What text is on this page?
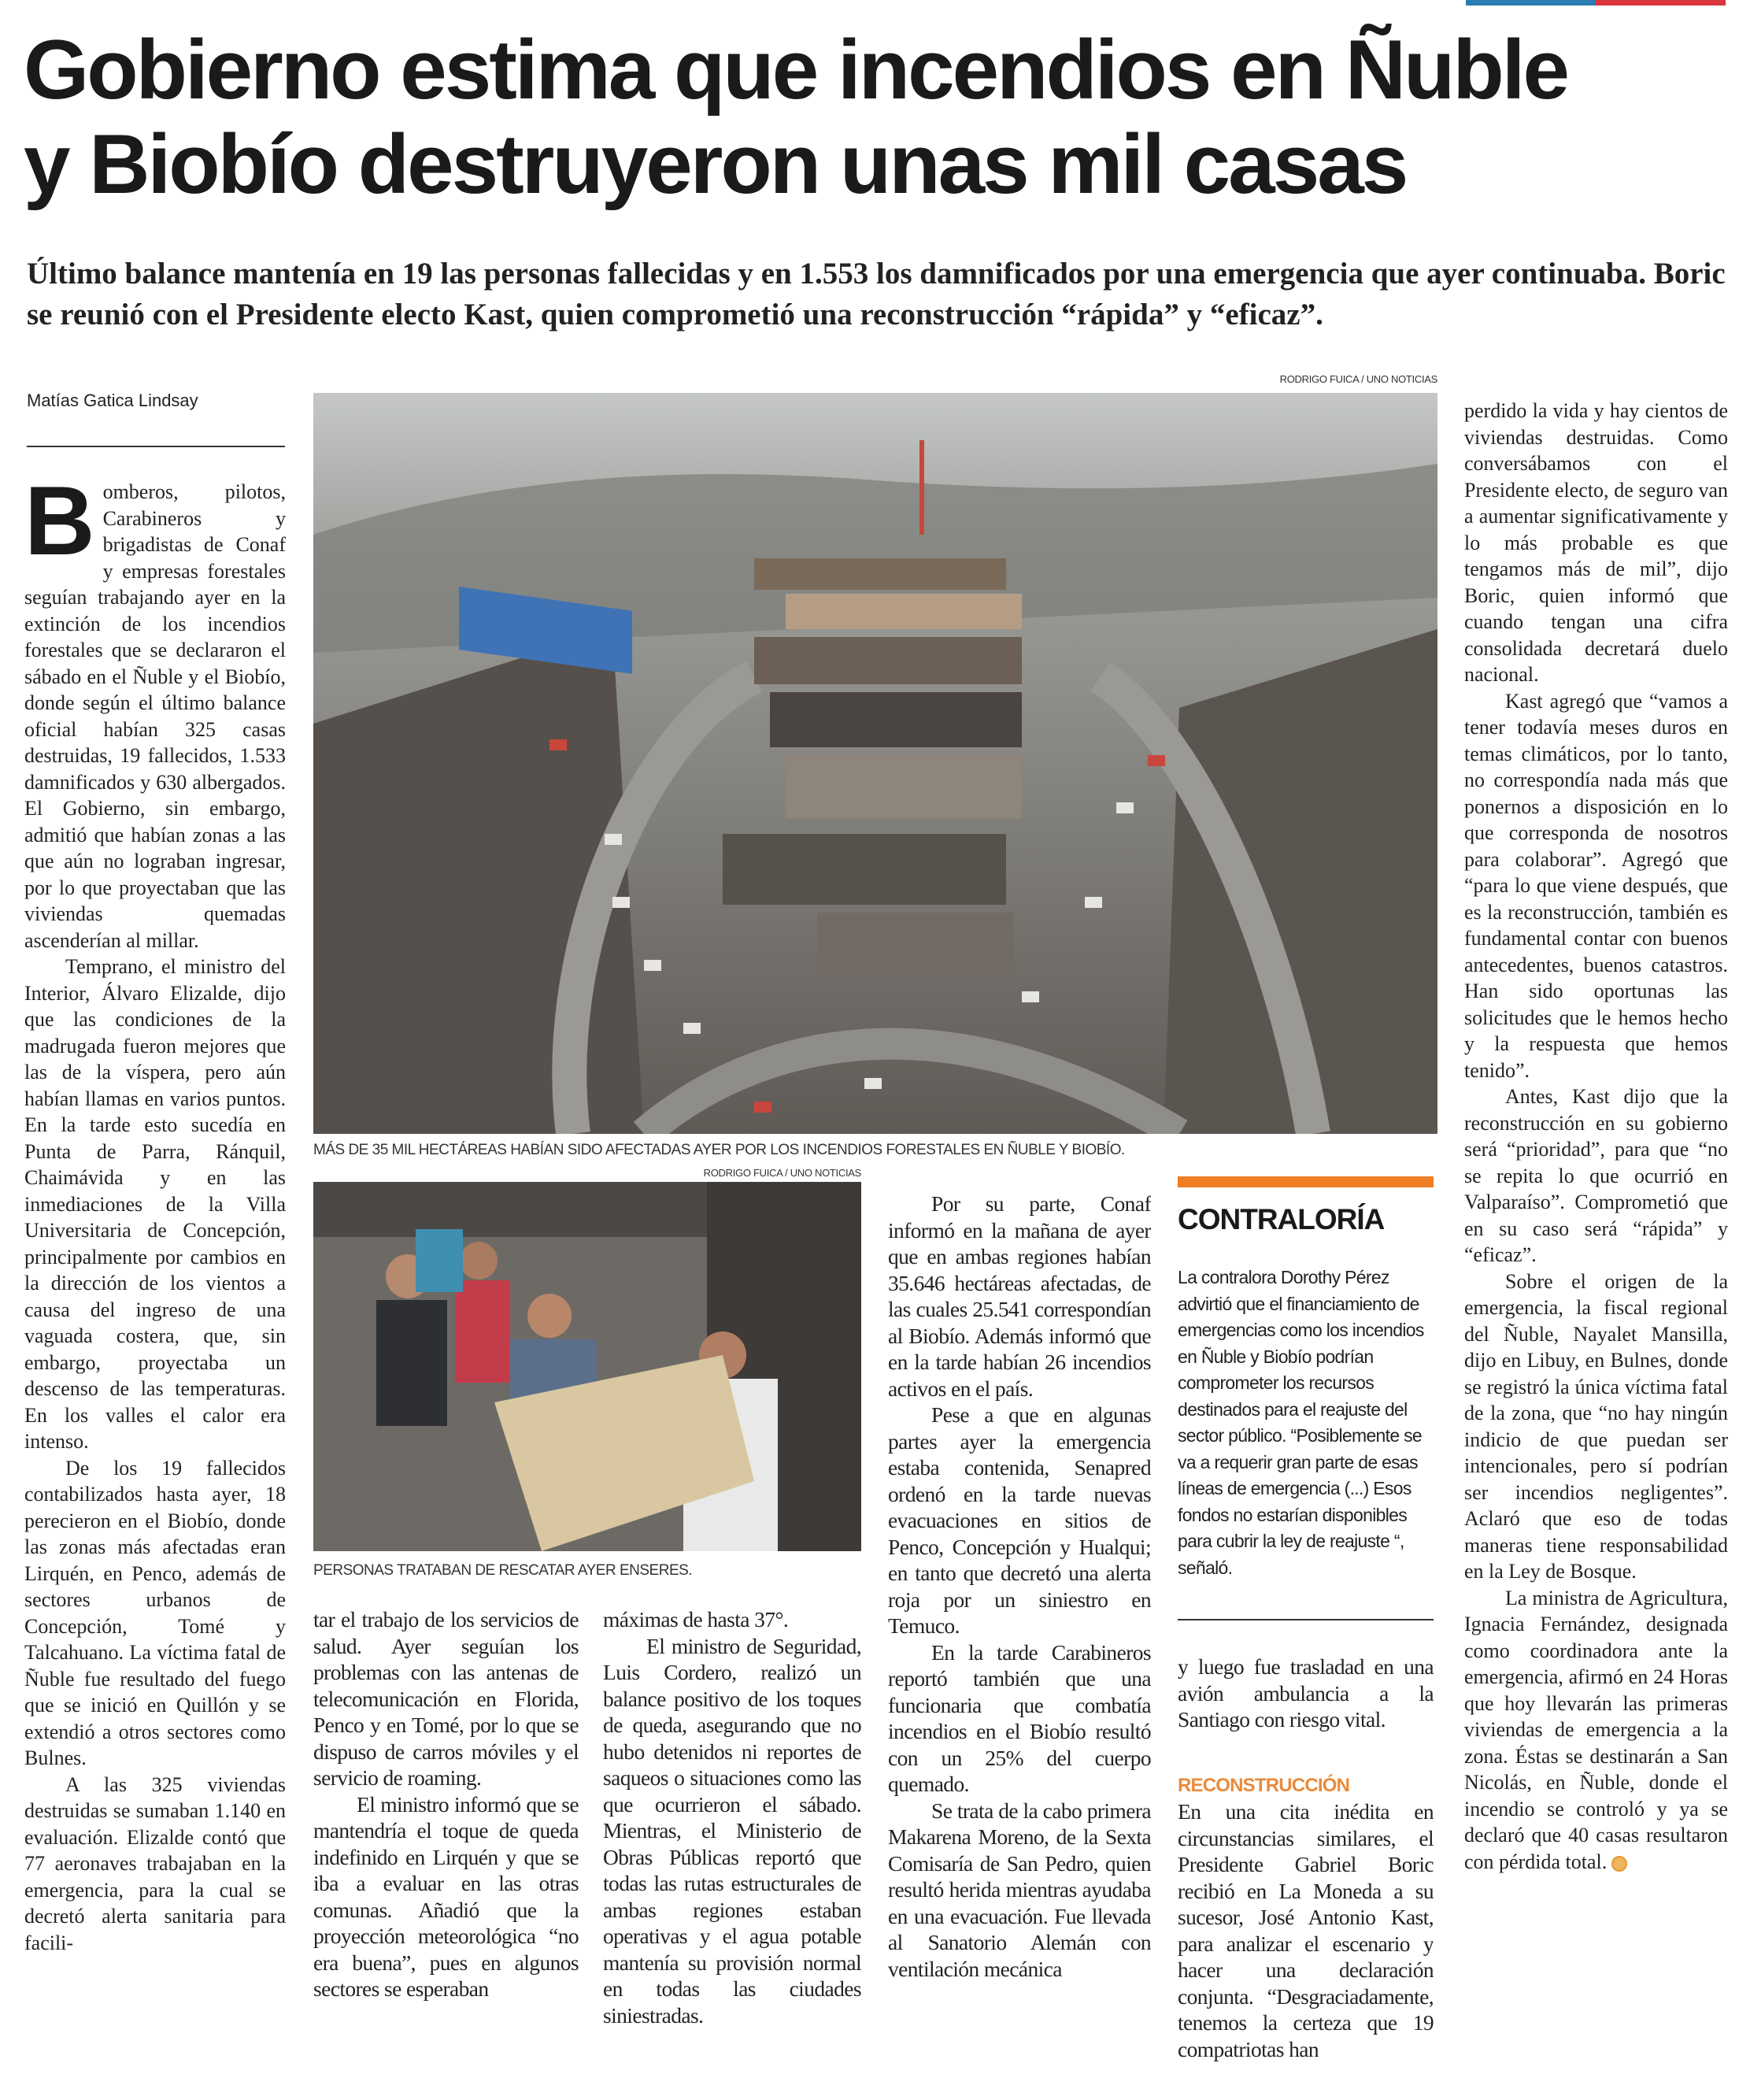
Gobierno estima que incendios en Ñuble
y Biobío destruyeron unas mil casas

Último balance mantenía en 19 las personas fallecidas y en 1.553 los damnificados por una emergencia que ayer continuaba. Boric se reunió con el Presidente electo Kast, quien comprometió una reconstrucción “rápida” y “eficaz”.

Matías Gatica Lindsay
B omberos, pilotos, Carabineros y brigadistas de Conaf y empresas forestales seguían trabajando ayer en la extinción de los incendios forestales que se declararon el sábado en el Ñuble y el Biobío, donde según el último balance oficial habían 325 casas destruidas, 19 fallecidos, 1.533 damnificados y 630 albergados. El Gobierno, sin embargo, admitió que habían zonas a las que aún no lograban ingresar, por lo que proyectaban que las viviendas quemadas ascenderían al millar.

Temprano, el ministro del Interior, Álvaro Elizalde, dijo que las condiciones de la madrugada fueron mejores que las de la víspera, pero aún habían llamas en varios puntos. En la tarde esto sucedía en Punta de Parra, Ránquil, Chaimávida y en las inmediaciones de la Villa Universitaria de Concepción, principalmente por cambios en la dirección de los vientos a causa del ingreso de una vaguada costera, que, sin embargo, proyectaba un descenso de las temperaturas. En los valles el calor era intenso.

De los 19 fallecidos contabilizados hasta ayer, 18 perecieron en el Biobío, donde las zonas más afectadas eran Lirquén, en Penco, además de sectores urbanos de Concepción, Tomé y Talcahuano. La víctima fatal de Ñuble fue resultado del fuego que se inició en Quillón y se extendió a otros sectores como Bulnes.

A las 325 viviendas destruidas se sumaban 1.140 en evaluación. Elizalde contó que 77 aeronaves trabajaban en la emergencia, para la cual se decretó alerta sanitaria para facili-

RODRIGO FUICA / UNO NOTICIAS
MÁS DE 35 MIL HECTÁREAS HABÍAN SIDO AFECTADAS AYER POR LOS INCENDIOS FORESTALES EN ÑUBLE Y BIOBÍO.
RODRIGO FUICA / UNO NOTICIAS
PERSONAS TRATABAN DE RESCATAR AYER ENSERES.

tar el trabajo de los servicios de salud. Ayer seguían los problemas con las antenas de telecomunicación en Florida, Penco y en Tomé, por lo que se dispuso de carros móviles y el servicio de roaming.

El ministro informó que se mantendría el toque de queda indefinido en Lirquén y que se iba a evaluar en las otras comunas. Añadió que la proyección meteorológica “no era buena”, pues en algunos sectores se esperaban

máximas de hasta 37°.

El ministro de Seguridad, Luis Cordero, realizó un balance positivo de los toques de queda, asegurando que no hubo detenidos ni reportes de saqueos o situaciones como las que ocurrieron el sábado. Mientras, el Ministerio de Obras Públicas reportó que todas las rutas estructurales de ambas regiones estaban operativas y el agua potable mantenía su provisión normal en todas las ciudades siniestradas.

Por su parte, Conaf informó en la mañana de ayer que en ambas regiones habían 35.646 hectáreas afectadas, de las cuales 25.541 correspondían al Biobío. Además informó que en la tarde habían 26 incendios activos en el país.

Pese a que en algunas partes ayer la emergencia estaba contenida, Senapred ordenó en la tarde nuevas evacuaciones en sitios de Penco, Concepción y Hualqui; en tanto que decretó una alerta roja por un siniestro en Temuco.

En la tarde Carabineros reportó también que una funcionaria que combatía incendios en el Biobío resultó con un 25% del cuerpo quemado.

Se trata de la cabo primera Makarena Moreno, de la Sexta Comisaría de San Pedro, quien resultó herida mientras ayudaba en una evacuación. Fue llevada al Sanatorio Alemán con ventilación mecánica

CONTRALORÍA

La contralora Dorothy Pérez advirtió que el financiamiento de emergencias como los incendios en Ñuble y Biobío podrían comprometer los recursos destinados para el reajuste del sector público. “Posiblemente se va a requerir gran parte de esas líneas de emergencia (...) Esos fondos no estarían disponibles para cubrir la ley de reajuste “, señaló.

y luego fue trasladad en una avión ambulancia a la Santiago con riesgo vital.

RECONSTRUCCIÓN

En una cita inédita en circunstancias similares, el Presidente Gabriel Boric recibió en La Moneda a su sucesor, José Antonio Kast, para analizar el escenario y hacer una declaración conjunta. “Desgraciadamente, tenemos la certeza que 19 compatriotas han

perdido la vida y hay cientos de viviendas destruidas. Como conversábamos con el Presidente electo, de seguro van a aumentar significativamente y lo más probable es que tengamos más de mil”, dijo Boric, quien informó que cuando tengan una cifra consolidada decretará duelo nacional.

Kast agregó que “vamos a tener todavía meses duros en temas climáticos, por lo tanto, no correspondía nada más que ponernos a disposición en lo que corresponda de nosotros para colaborar”. Agregó que “para lo que viene después, que es la reconstrucción, también es fundamental contar con buenos antecedentes, buenos catastros. Han sido oportunas las solicitudes que le hemos hecho y la respuesta que hemos tenido”.

Antes, Kast dijo que la reconstrucción en su gobierno será “prioridad”, para que “no se repita lo que ocurrió en Valparaíso”. Comprometió que en su caso será “rápida” y “eficaz”.

Sobre el origen de la emergencia, la fiscal regional del Ñuble, Nayalet Mansilla, dijo en Libuy, en Bulnes, donde se registró la única víctima fatal de la zona, que “no hay ningún indicio de que puedan ser intencionales, pero sí podrían ser incendios negligentes”. Aclaró que eso de todas maneras tiene responsabilidad en la Ley de Bosque.

La ministra de Agricultura, Ignacia Fernández, designada como coordinadora ante la emergencia, afirmó en 24 Horas que hoy llevarán las primeras viviendas de emergencia a la zona. Éstas se destinarán a San Nicolás, en Ñuble, donde el incendio se controló y ya se declaró que 40 casas resultaron con pérdida total.
